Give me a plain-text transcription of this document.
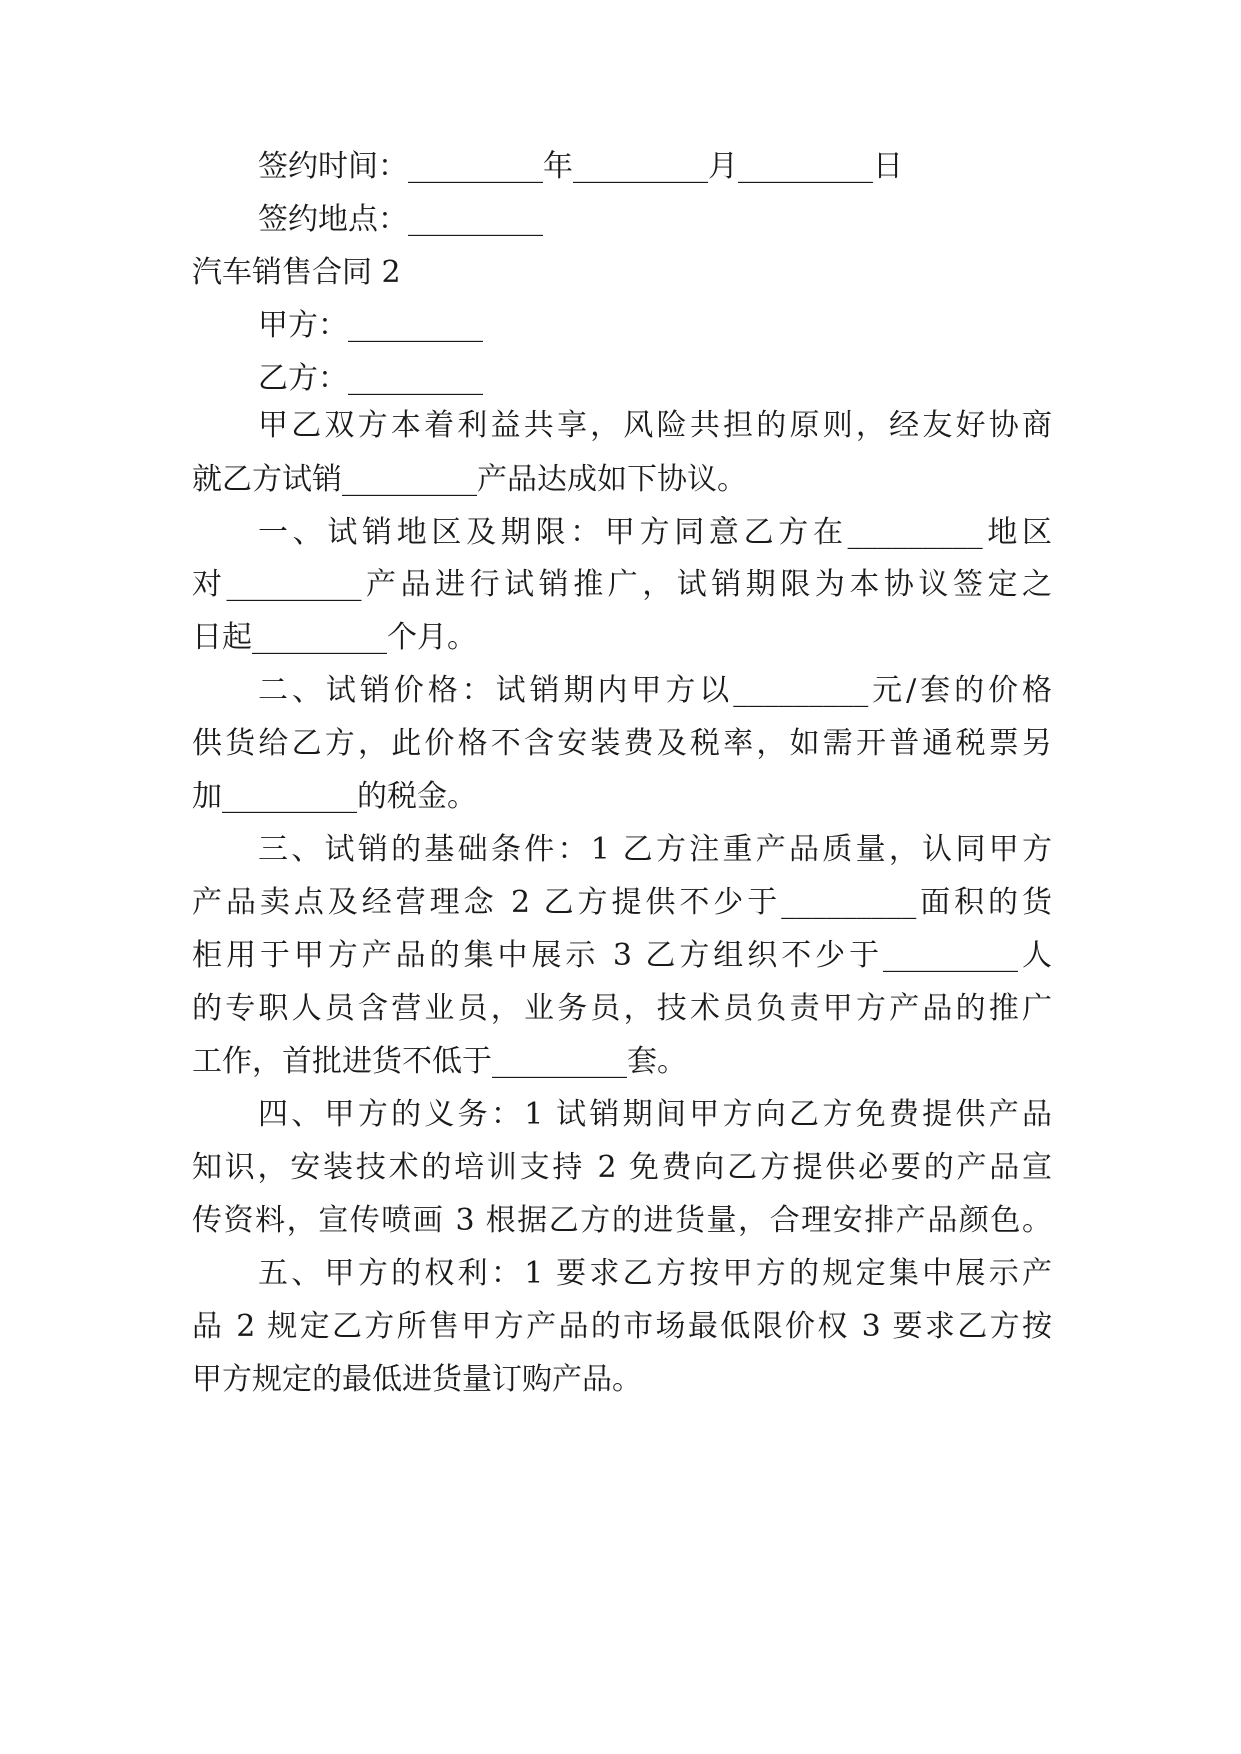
签约时间：_________年_________月_________日
签约地点：_________
汽车销售合同 2
甲方：_________
乙方：_________
甲乙双方本着利益共享，风险共担的原则，经友好协商
就乙方试销_________产品达成如下协议。
一、试销地区及期限：甲方同意乙方在_________地区
对_________产品进行试销推广，试销期限为本协议签定之
日起_________个月。
二、试销价格：试销期内甲方以_________元/套的价格
供货给乙方，此价格不含安装费及税率，如需开普通税票另
加_________的税金。
三、试销的基础条件：1 乙方注重产品质量，认同甲方
产品卖点及经营理念 2 乙方提供不少于_________面积的货
柜用于甲方产品的集中展示 3 乙方组织不少于_________人
的专职人员含营业员，业务员，技术员负责甲方产品的推广
工作，首批进货不低于_________套。
四、甲方的义务：1 试销期间甲方向乙方免费提供产品
知识，安装技术的培训支持 2 免费向乙方提供必要的产品宣
传资料，宣传喷画 3 根据乙方的进货量，合理安排产品颜色。
五、甲方的权利：1 要求乙方按甲方的规定集中展示产
品 2 规定乙方所售甲方产品的市场最低限价权 3 要求乙方按
甲方规定的最低进货量订购产品。
